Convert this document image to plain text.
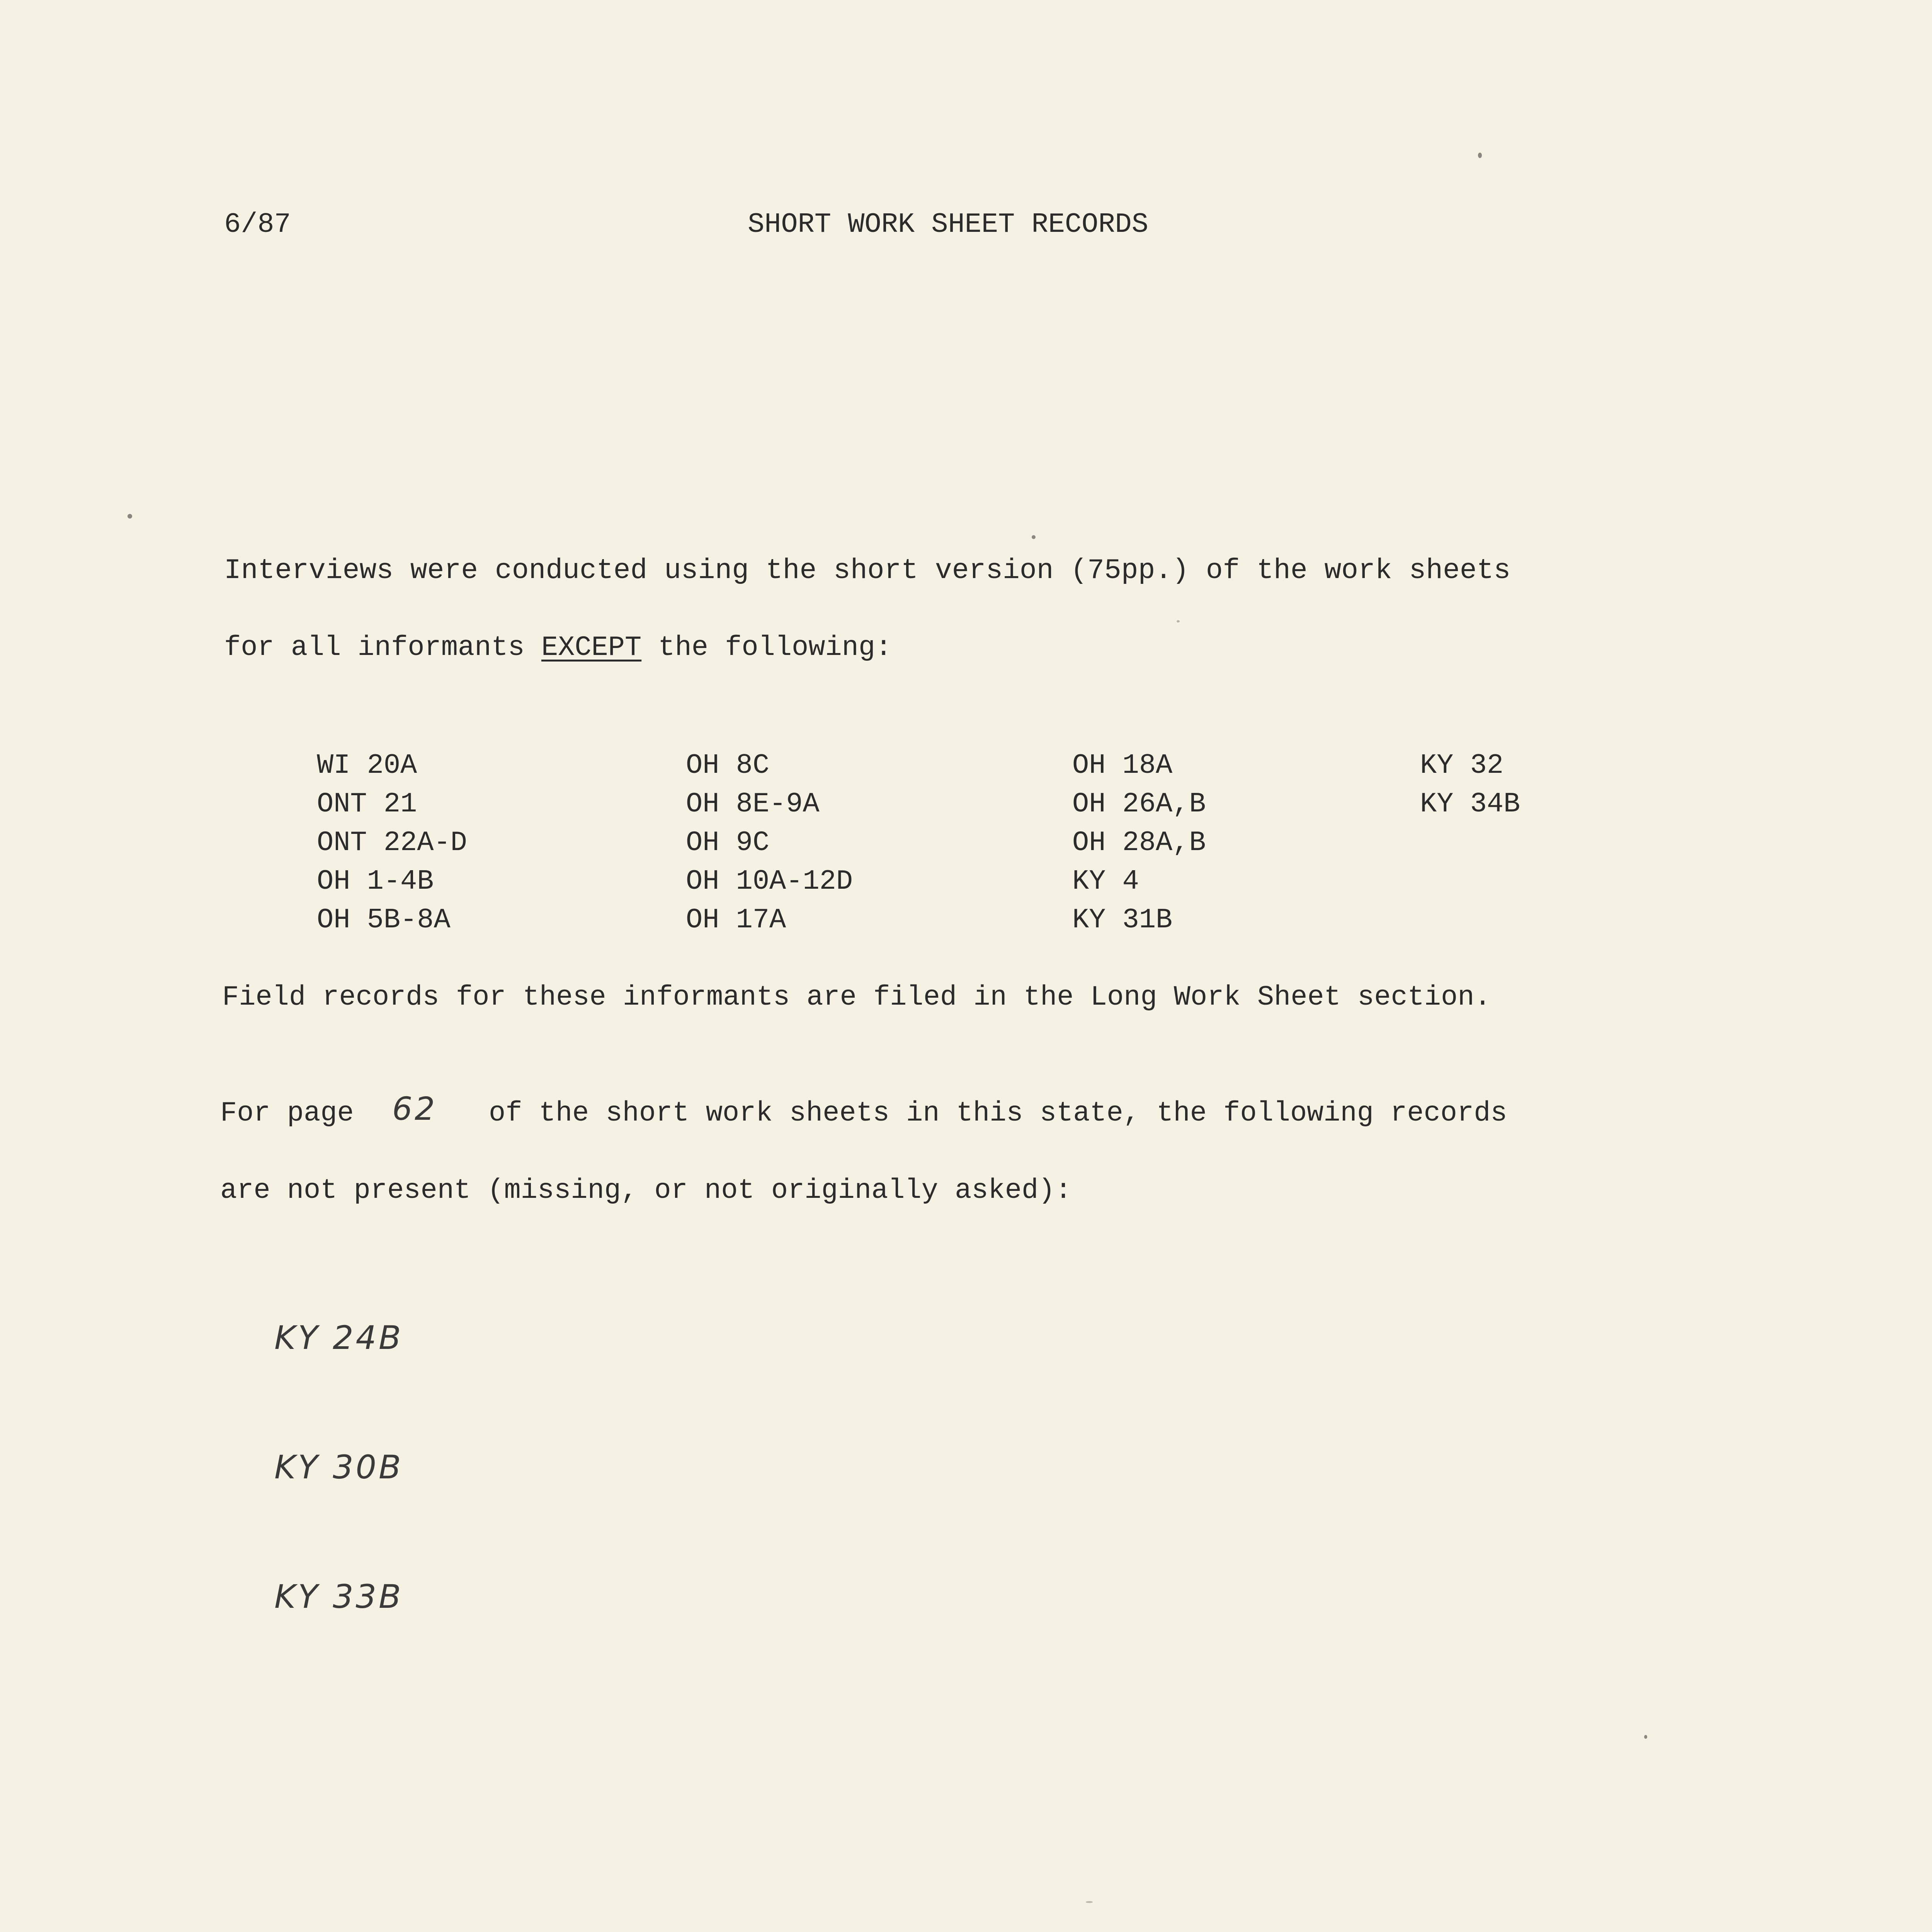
6/87	SHORT WORK SHEET RECORDS
Interviews were conducted using the short version (75pp.) of the work sheets
for all informants EXCEPT the following:
WI 20A
ONT 21
ONT 22A-D
OH 1-4B
OH 5B-8A
OH 8C
OH 8E-9A
OH 9C
OH 10A-12D
OH 17A
OH 18A
OH 26A,B
OH 28A,B
KY 4
KY 31B
KY 32
KY 34B
Field records for these informants are filed in the Long Work Sheet section.
For page 62 of the short work sheets in this state, the following records
are not present (missing, or not originally asked):
KY 24B
KY 30B
KY 33B
